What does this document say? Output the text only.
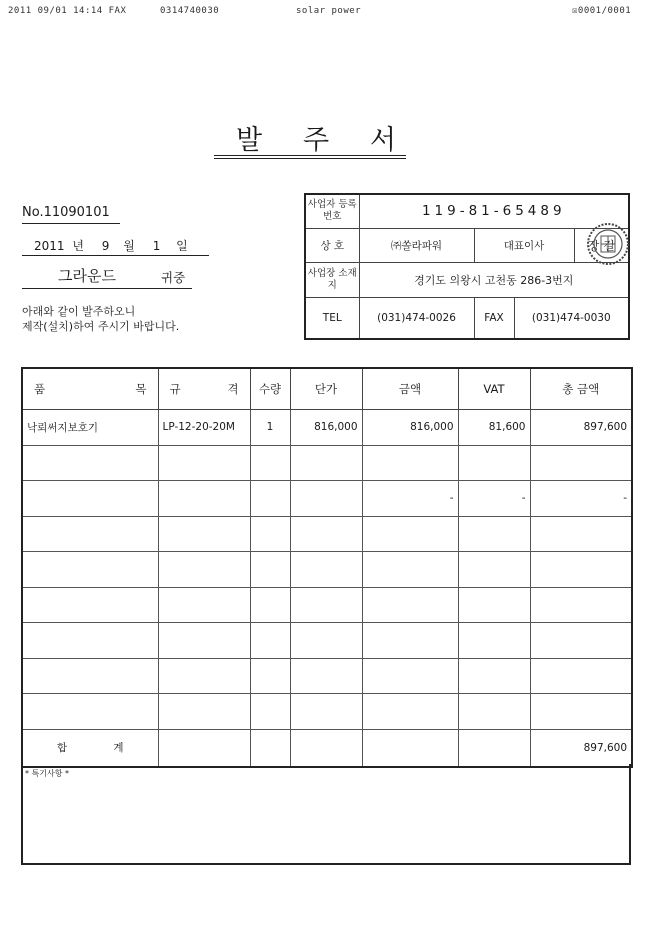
2011 09/01 14:14 FAX	0314740030	solar power	☒0001/0001
발 주 서
No.11090101
2011 년 9 월 1 일
그라운드	귀중
아래와 같이 발주하오니
제작(설치)하여 주시기 바랍니다.
사업자 등록번호	119-81-65489			
상 호	㈜쏠라파워	대표이사		장 길
사업장 소재지	경기도 의왕시 고천동 286-3번지			
TEL	(031)474-0026	FAX	(031)474-0030	
품 목	규 격	수량	단가	금액	VAT	총 금액
낙뢰써지보호기	LP-12-20-20M	1	816,000	816,000	81,600	897,600

				-	-	-

합 계						897,600
* 특기사항 *
